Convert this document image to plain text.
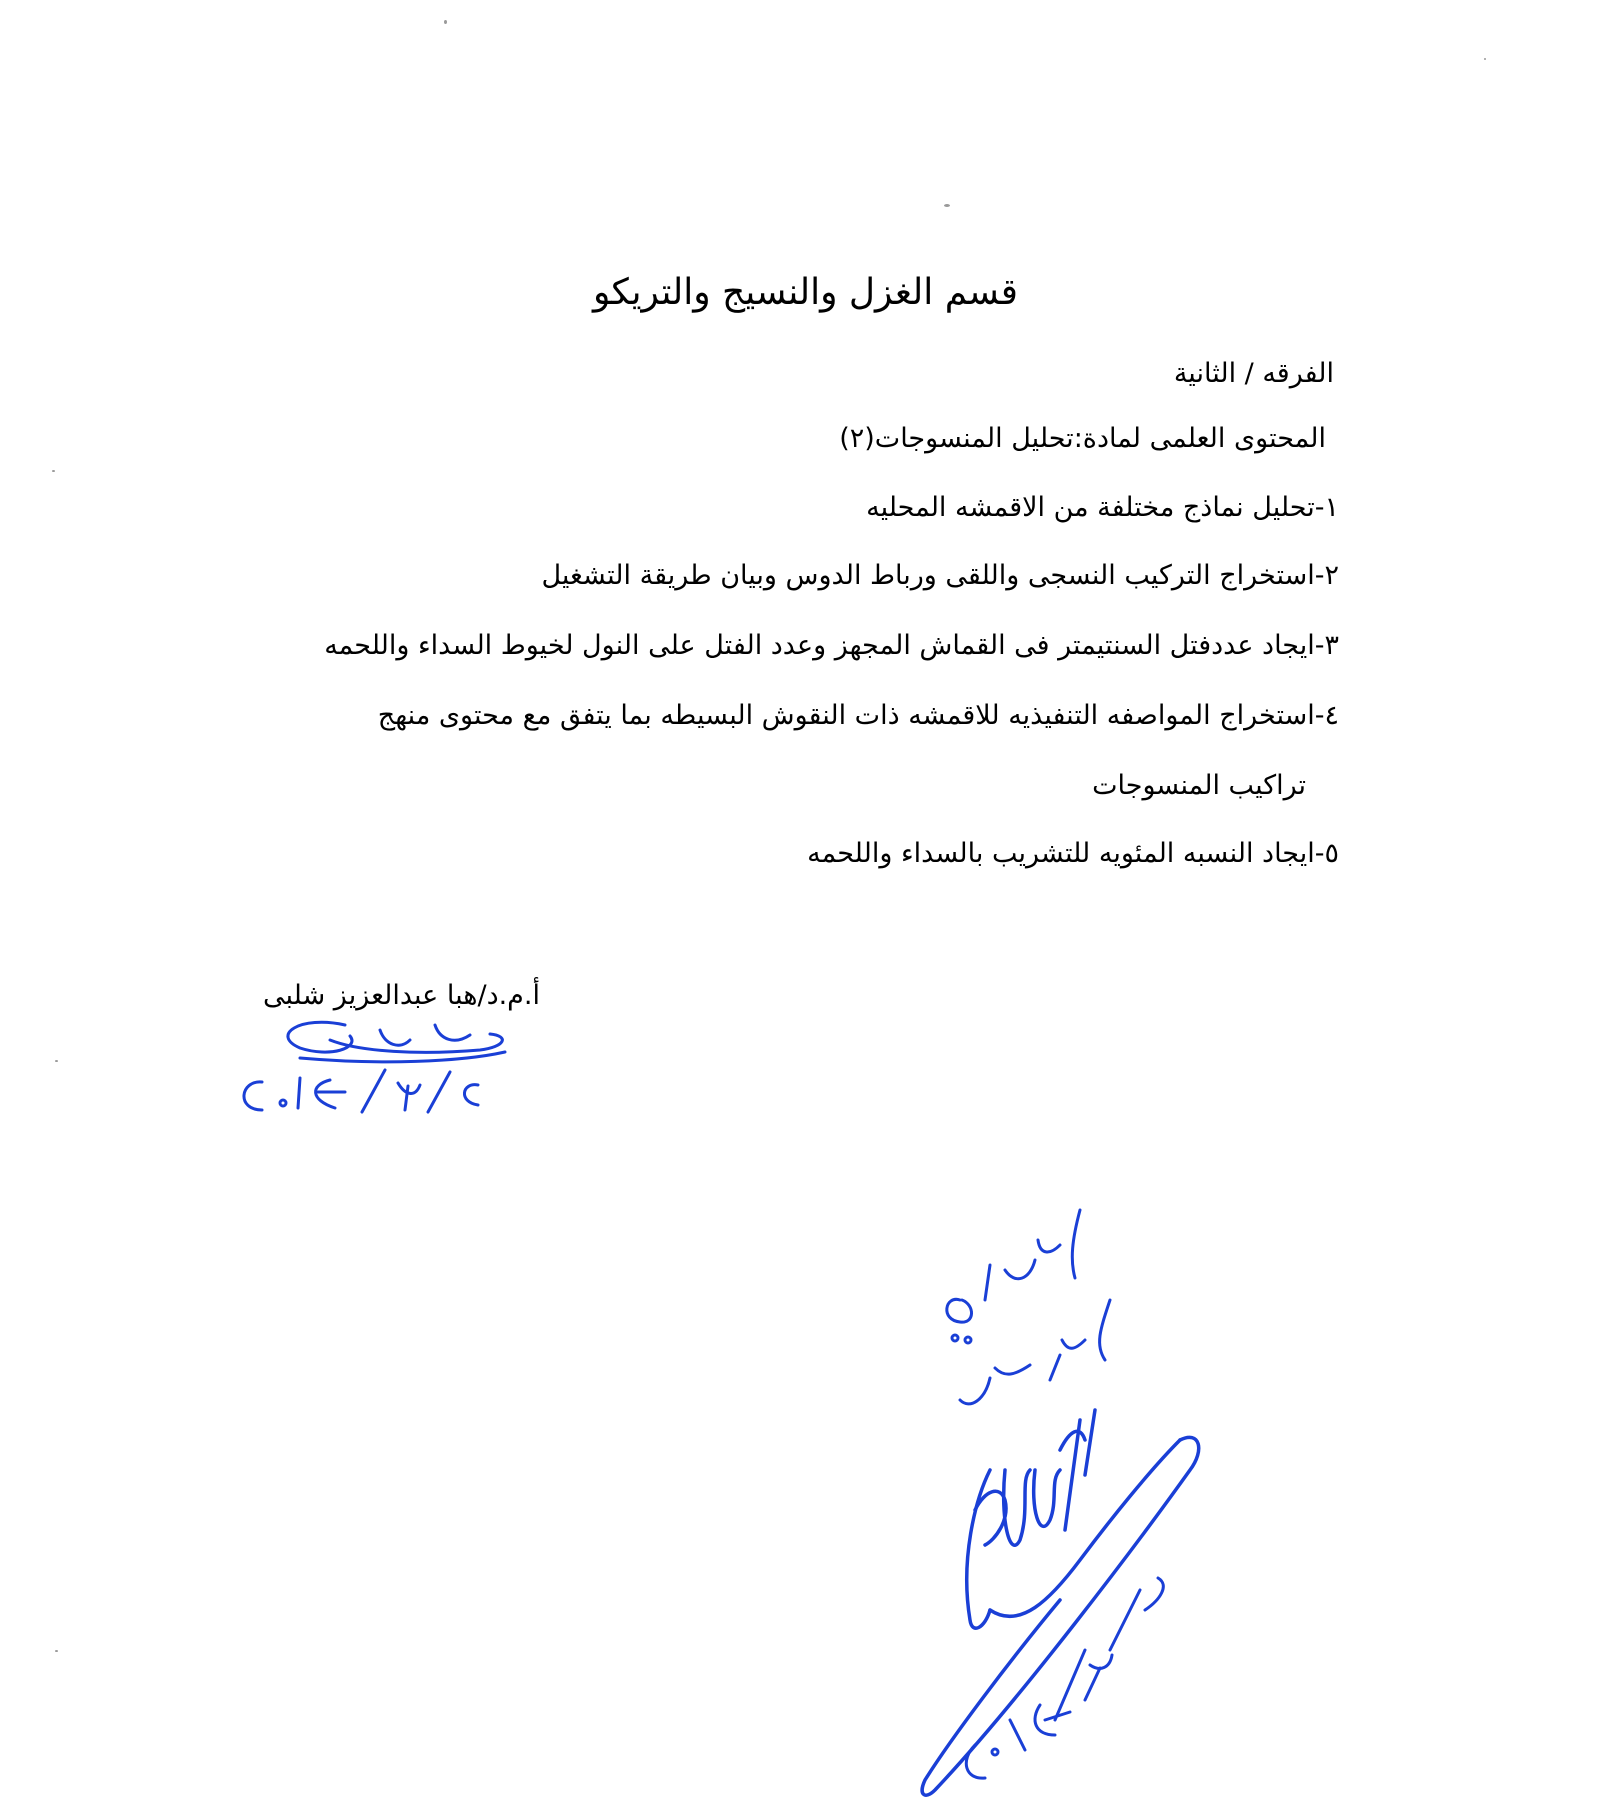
قسم الغزل والنسيج والتريكو
الفرقه / الثانية
المحتوى العلمى لمادة:تحليل المنسوجات(٢)
١-تحليل نماذج مختلفة من الاقمشه المحليه
٢-استخراج التركيب النسجى واللقى ورباط الدوس وبيان طريقة التشغيل
٣-ايجاد عددفتل السنتيمتر فى القماش المجهز وعدد الفتل على النول لخيوط السداء واللحمه
٤-استخراج المواصفه التنفيذيه للاقمشه ذات النقوش البسيطه بما يتفق مع محتوى منهج
تراكيب المنسوجات
٥-ايجاد النسبه المئويه للتشريب بالسداء واللحمه
أ.م.د/هبا عبدالعزيز شلبى
